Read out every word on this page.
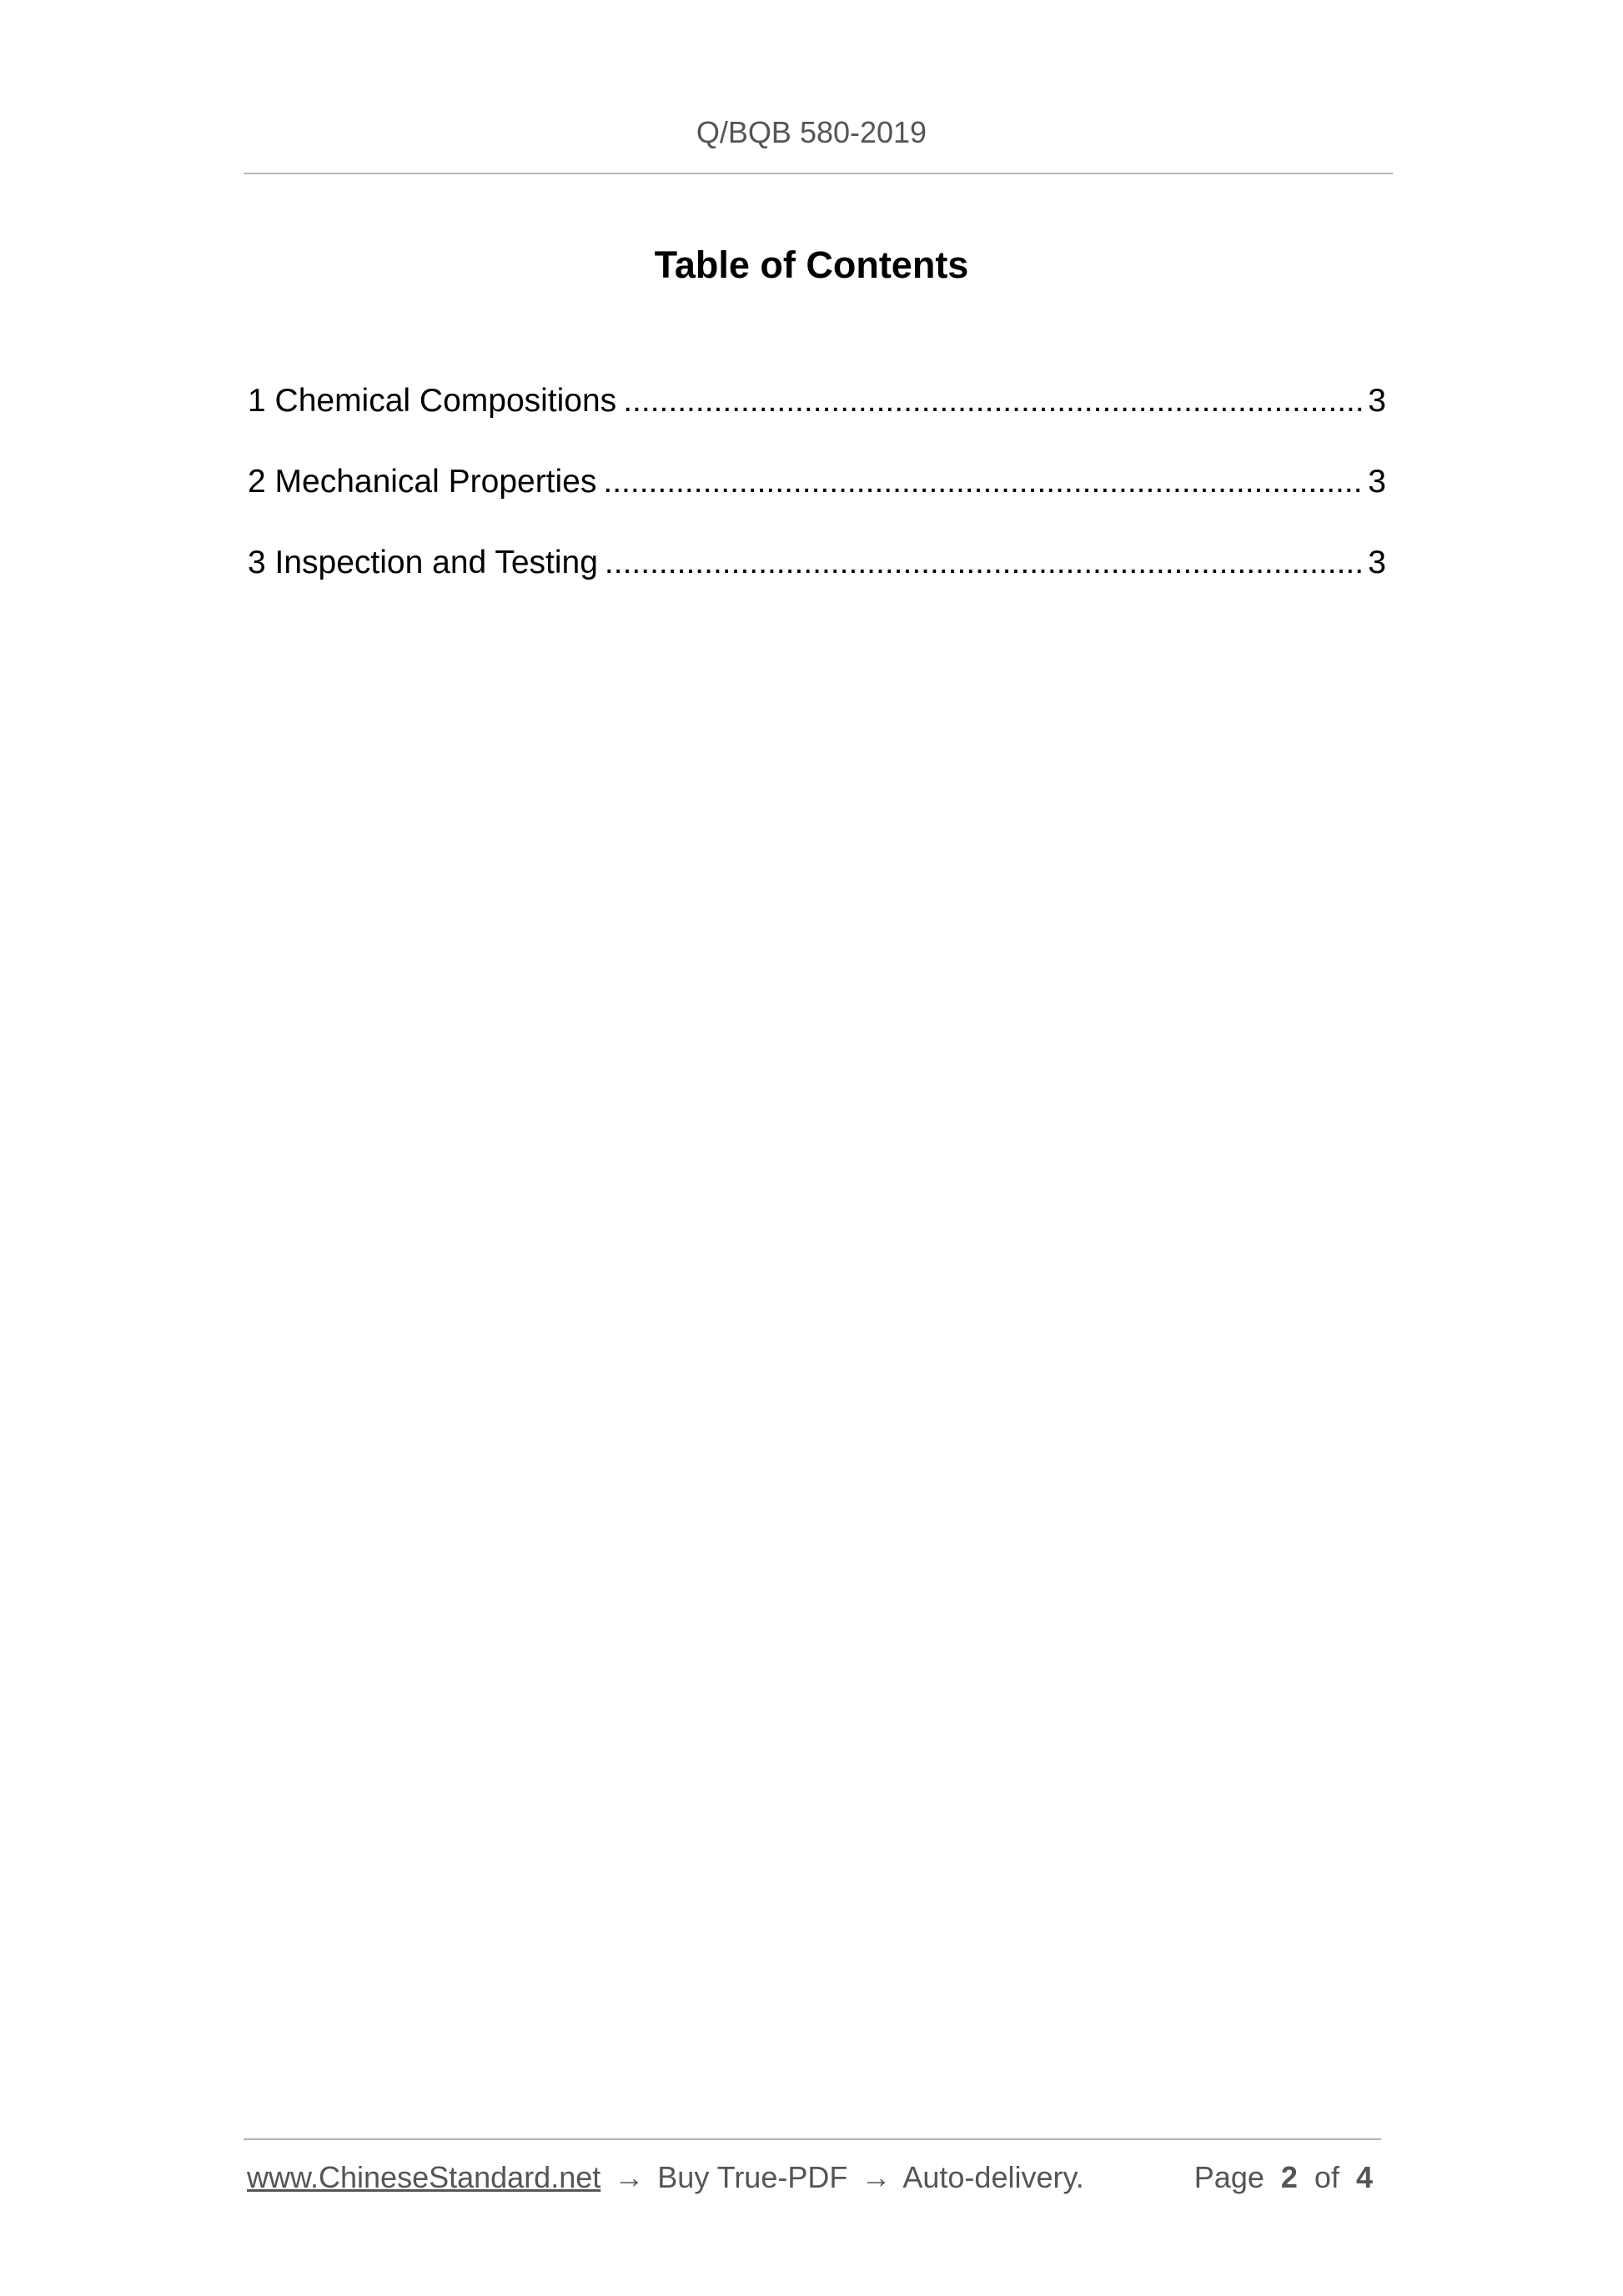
Q/BQB 580-2019
Table of Contents
1 Chemical Compositions .....	3
2 Mechanical Properties .....	3
3 Inspection and Testing .....	3
www.ChineseStandard.net → Buy True-PDF → Auto-delivery.	Page 2 of 4
